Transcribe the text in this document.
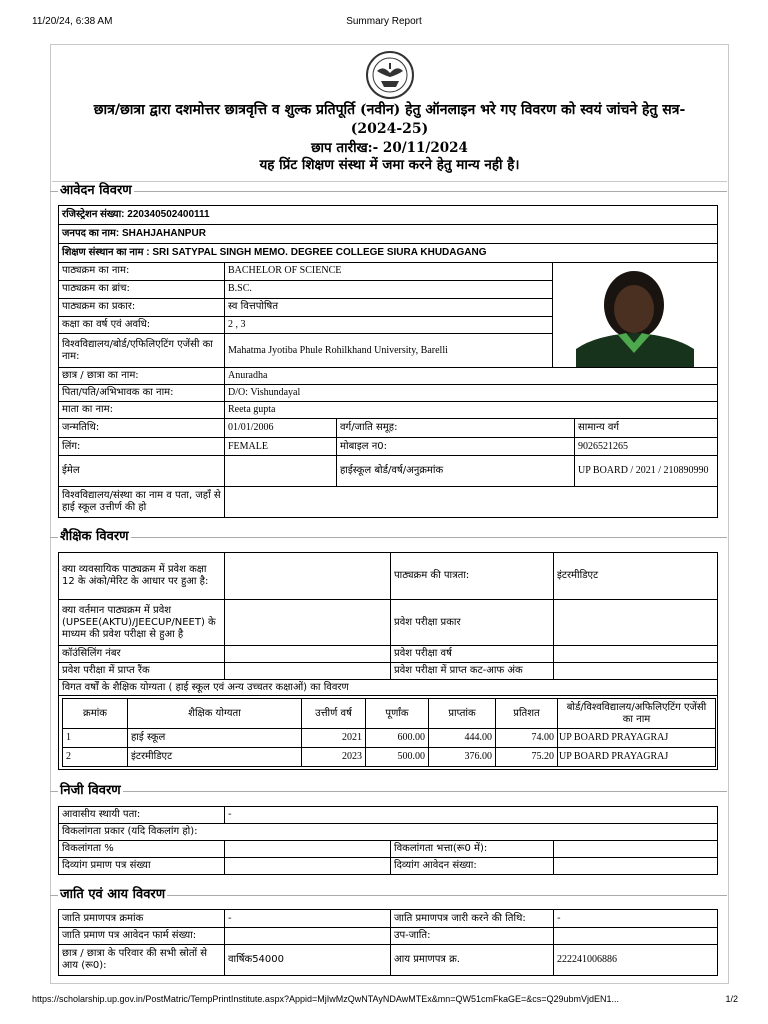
11/20/24, 6:38 AM	Summary Report
छात्र/छात्रा द्वारा दशमोत्तर छात्रवृत्ति व शुल्क प्रतिपूर्ति (नवीन) हेतु ऑनलाइन भरे गए विवरण को स्वयं जांचने हेतु सत्र-(2024-25)
छाप तारीख:- 20/11/2024
यह प्रिंट शिक्षण संस्था में जमा करने हेतु मान्य नही है।
आवेदन विवरण
रजिस्ट्रेशन संख्या: 220340502400111				
जनपद का नाम: SHAHJAHANPUR				
शिक्षण संस्थान का नाम : SRI SATYPAL SINGH MEMO. DEGREE COLLEGE SIURA KHUDAGANG				
पाठ्यक्रम का नाम:	BACHELOR OF SCIENCE	

पाठ्यक्रम का ब्रांच:	B.SC.			
पाठ्यक्रम का प्रकार:	स्व वित्तपोषित			
कक्षा का वर्ष एवं अवधि:	2 , 3			
विश्वविद्यालय/बोर्ड/एफिलिएटिंग एजेंसी का नाम:	Mahatma Jyotiba Phule Rohilkhand University, Barelli			
छात्र / छात्रा का नाम:	Anuradha			
पिता/पति/अभिभावक का नाम:	D/O: Vishundayal			
माता का नाम:	Reeta gupta			
जन्मतिथि:	01/01/2006	वर्ग/जाति समूह:		सामान्य वर्ग
लिंग:	FEMALE	मोबाइल न0:		9026521265
ईमेल		हाईस्कूल बोर्ड/वर्ष/अनुक्रमांक		UP BOARD / 2021 / 210890990
विश्वविद्यालय/संस्था का नाम व पता, जहाँ से हाई स्कूल उत्तीर्ण की हो				
शैक्षिक विवरण
क्या व्यवसायिक पाठ्यक्रम में प्रवेश कक्षा 12 के अंको/मेरिट के आधार पर हुआ है:		पाठ्यक्रम की पात्रता:	इंटरमीडिएट
क्या वर्तमान पाठ्यक्रम में प्रवेश (UPSEE(AKTU)/JEECUP/NEET) के माध्यम की प्रवेश परीक्षा से हुआ है		प्रवेश परीक्षा प्रकार	
कॉउंसिलिंग नंबर		प्रवेश परीक्षा वर्ष	
प्रवेश परीक्षा में प्राप्त रैंक		प्रवेश परीक्षा में प्राप्त कट-आफ अंक	
विगत वर्षों के शैक्षिक योग्यता ( हाई स्कूल एवं अन्य उच्चतर कक्षाओं) का विवरण

क्रमांक	शैक्षिक योग्यता	उत्तीर्ण वर्ष	पूर्णांक	प्राप्तांक	प्रतिशत	बोर्ड/विश्वविद्यालय/अफिलिएटिंग एजेंसी का नाम
1	हाई स्कूल	2021	600.00	444.00	74.00	UP BOARD PRAYAGRAJ
2	इंटरमीडिएट	2023	500.00	376.00	75.20	UP BOARD PRAYAGRAJ
निजी विवरण
आवासीय स्थायी पता:	-		
विकलांगता प्रकार (यदि विकलांग हो):			
विकलांगता %		विकलांगता भत्ता(रू0 में):	
दिव्यांग प्रमाण पत्र संख्या		दिव्यांग आवेदन संख्या:	
जाति एवं आय विवरण
जाति प्रमाणपत्र क्रमांक	-	जाति प्रमाणपत्र जारी करने की तिथि:	-
जाति प्रमाण पत्र आवेदन फार्म संख्या:		उप-जाति:	
छात्र / छात्रा के परिवार की सभी स्रोतों से आय (रू0):	वार्षिक54000	आय प्रमाणपत्र क्र.	222241006886
https://scholarship.up.gov.in/PostMatric/TempPrintInstitute.aspx?Appid=MjIwMzQwNTAyNDAwMTEx&mn=QW51cmFkaGE=&cs=Q29ubmVjdEN1...	1/2
